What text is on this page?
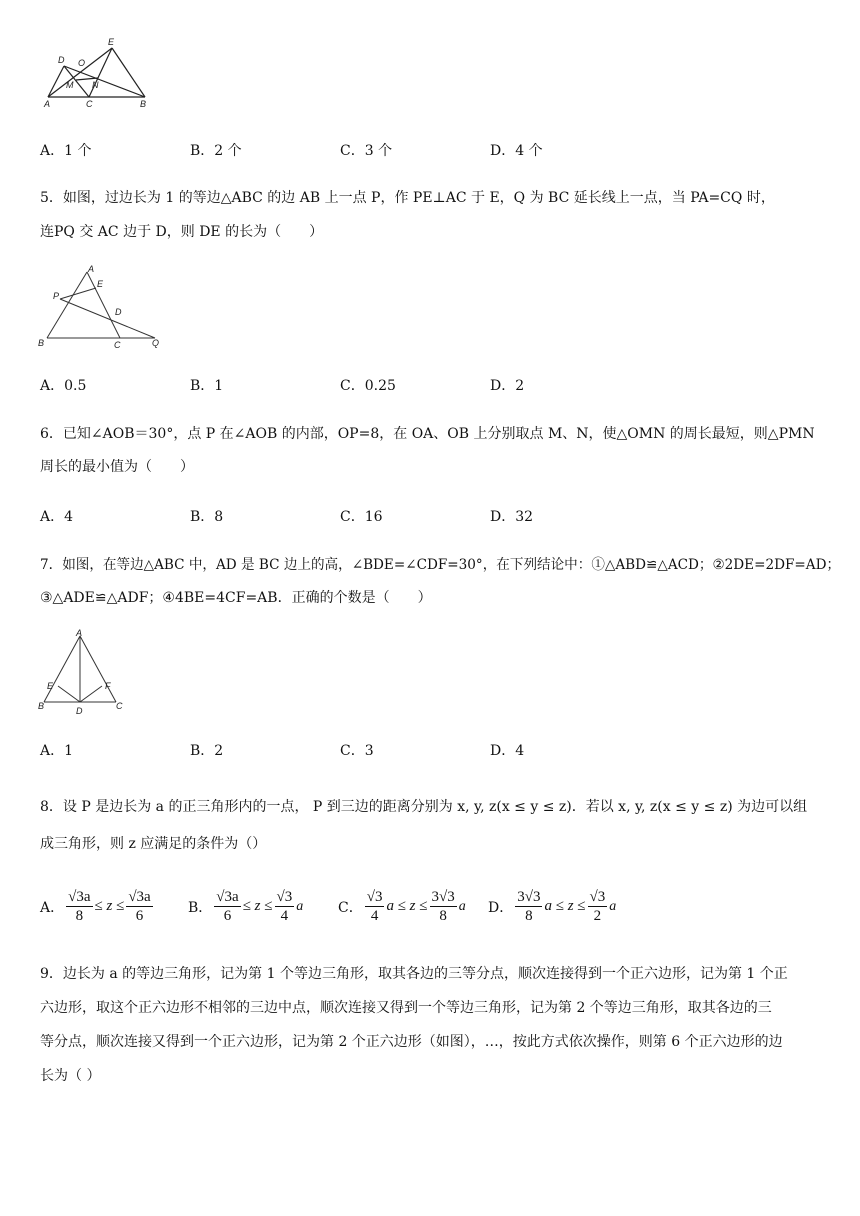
E
D O
M N
A	C	B
A．1 个	B．2 个	C．3 个	D．4 个
5．如图，过边长为 1 的等边△ABC 的边 AB 上一点 P，作 PE⊥AC 于 E，Q 为 BC 延长线上一点，当 PA=CQ 时，
连PQ 交 AC 边于 D，则 DE 的长为（　　）
A
E
P
D
B	C	Q
A．0.5	B．1	C．0.25	D．2
6．已知∠AOB＝30°，点 P 在∠AOB 的内部，OP=8，在 OA、OB 上分别取点 M、N，使△OMN 的周长最短，则△PMN
周长的最小值为（　　）
A．4	B．8	C．16	D．32
7．如图，在等边△ABC 中，AD 是 BC 边上的高，∠BDE=∠CDF=30°，在下列结论中：①△ABD≌△ACD；②2DE=2DF=AD；
③△ADE≌△ADF；④4BE=4CF=AB．正确的个数是（　　）
A
E	F
B	D	C
A．1	B．2	C．3	D．4
8．设 P 是边长为 a 的正三角形内的一点， P 到三边的距离分别为 x, y, z(x ≤ y ≤ z)．若以 x, y, z(x ≤ y ≤ z) 为边可以组
成三角形，则 z 应满足的条件为（）
A． $\frac{√3a}{8} \le z \le \frac{√3a}{6}$	B． $\frac{√3a}{6} \le z \le \frac{√3}{4}$ a C． $\frac{√3}{4}$ $a \le z \le \frac{3√3}{8}$ a D． $\frac{3√3}{8}$ $a \le z \le \frac{√3}{2}$ a
9．边长为 a 的等边三角形，记为第 1 个等边三角形，取其各边的三等分点，顺次连接得到一个正六边形，记为第 1 个正
六边形，取这个正六边形不相邻的三边中点，顺次连接又得到一个等边三角形，记为第 2 个等边三角形，取其各边的三
等分点，顺次连接又得到一个正六边形，记为第 2 个正六边形（如图），…，按此方式依次操作，则第 6 个正六边形的边
长为（ ）
